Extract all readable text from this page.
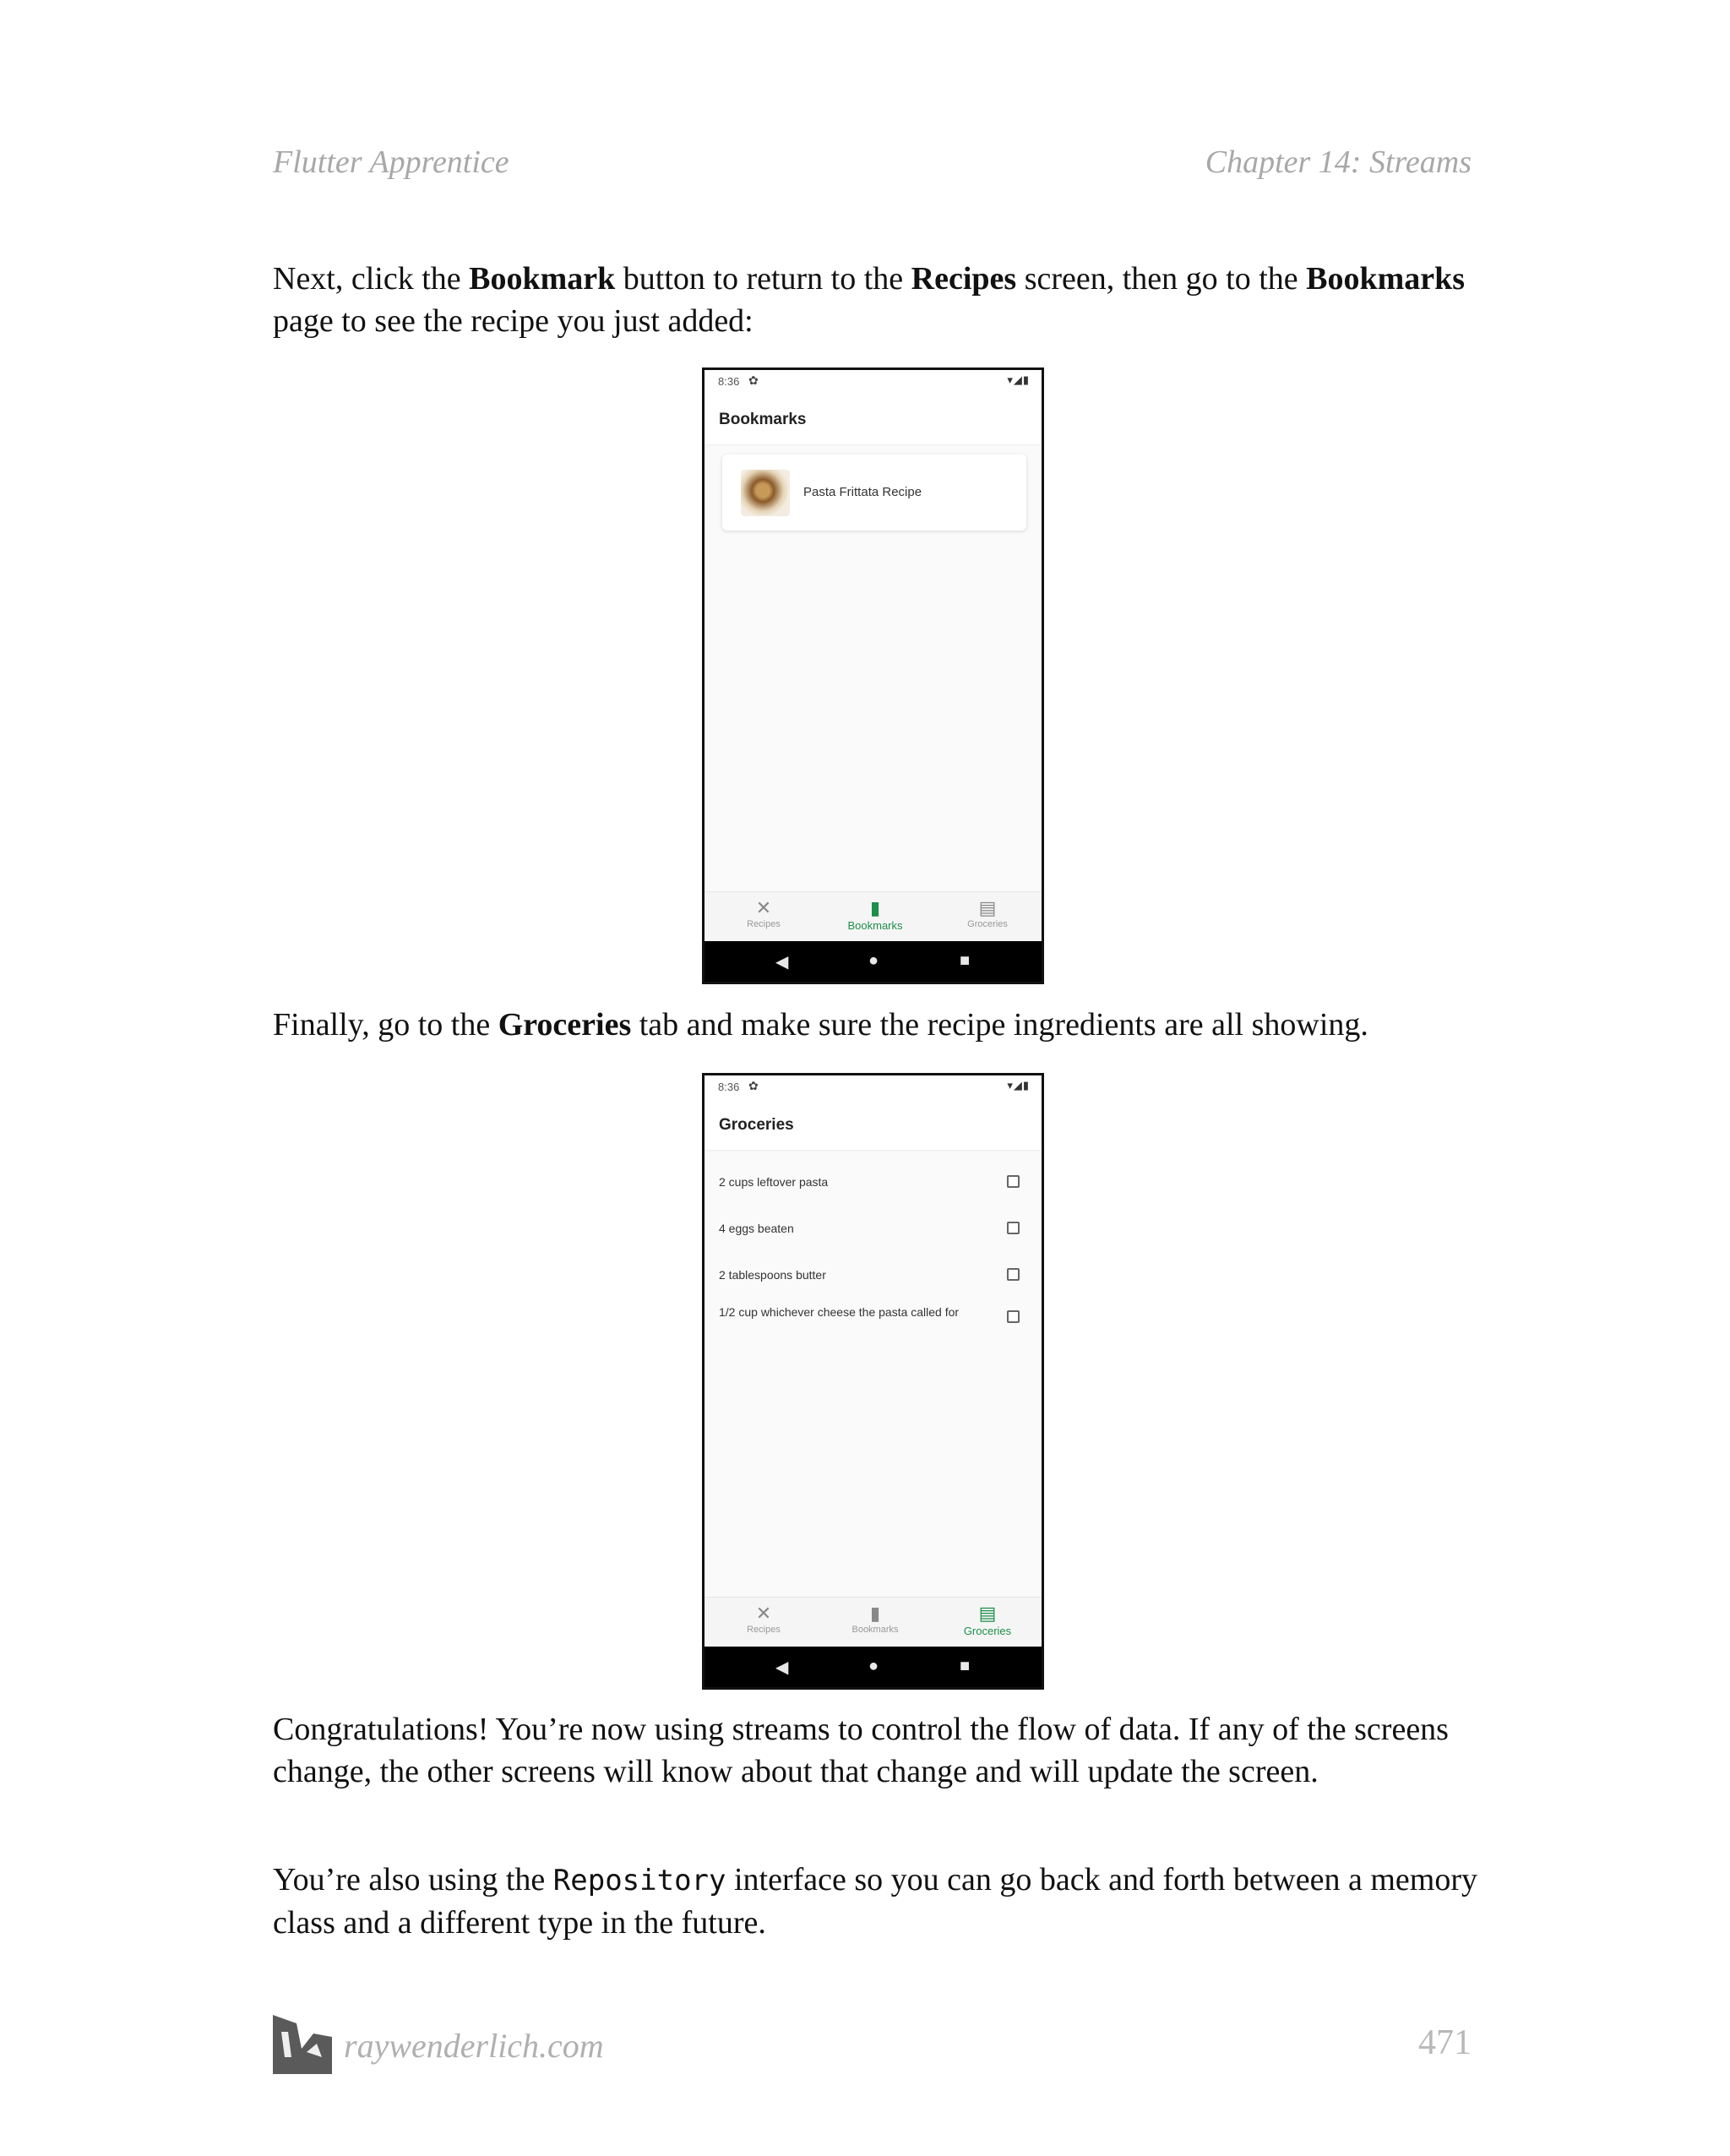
Flutter Apprentice	Chapter 14: Streams

Next, click the Bookmark button to return to the Recipes screen, then go to the Bookmarks page to see the recipe you just added:

8:36 ✿	▾◢▮
Bookmarks
Pasta Frittata Recipe
✕
Recipes
▮
Bookmarks
▤
Groceries
◀	●	■

Finally, go to the Groceries tab and make sure the recipe ingredients are all showing.

8:36 ✿	▾◢▮
Groceries
2 cups leftover pasta
4 eggs beaten
2 tablespoons butter
1/2 cup whichever cheese the pasta called for
✕
Recipes
▮
Bookmarks
▤
Groceries
◀	●	■

Congratulations! You’re now using streams to control the flow of data. If any of the screens change, the other screens will know about that change and will update the screen.

You’re also using the Repository interface so you can go back and forth between a memory class and a different type in the future.

raywenderlich.com	471
